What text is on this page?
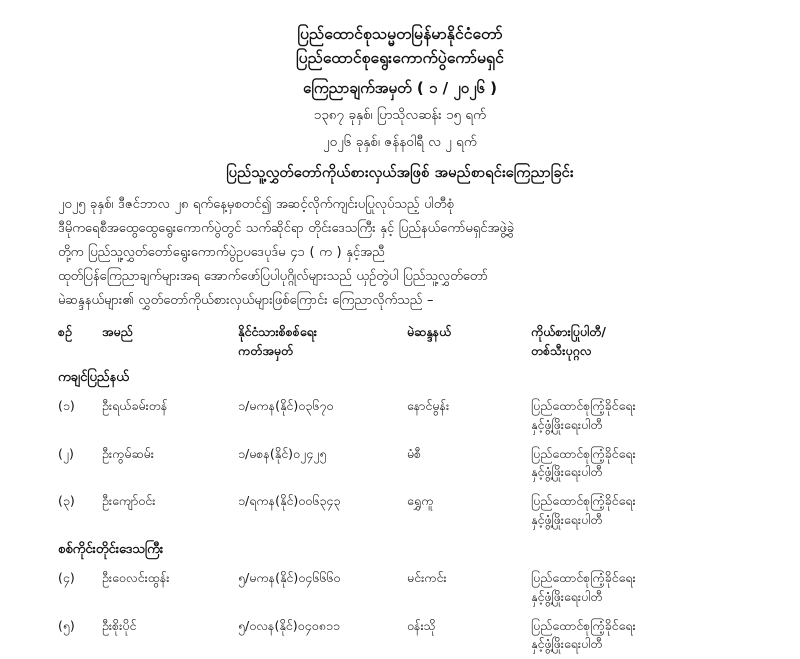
ပြည်ထောင်စုသမ္မတမြန်မာနိုင်ငံတော်
ပြည်ထောင်စုရွေးကောက်ပွဲကော်မရှင်
ကြေညာချက်အမှတ် ( ၁ / ၂၀၂၆ )
၁၃၈၇ ခုနှစ်၊ ပြာသိုလဆန်း ၁၅ ရက်
၂၀၂၆ ခုနှစ်၊ ဇန်နဝါရီ လ ၂ ရက်
ပြည်သူ့လွှတ်တော်ကိုယ်စားလှယ်အဖြစ် အမည်စာရင်းကြေညာခြင်း
၂၀၂၅ ခုနှစ်၊ ဒီဇင်ဘာလ ၂၈ ရက်နေ့မှစတင်၍ အဆင့်လိုက်ကျင်းပပြုလုပ်သည့် ပါတီစုံ
ဒီမိုကရေစီအထွေထွေရွေးကောက်ပွဲတွင် သက်ဆိုင်ရာ တိုင်းဒေသကြီး နှင့် ပြည်နယ်ကော်မရှင်အဖွဲ့ခွဲ
တို့က ပြည်သူ့လွှတ်တော်ရွေးကောက်ပွဲဥပဒေပုဒ်မ ၄၁ ( က ) နှင့်အညီ
ထုတ်ပြန်ကြေညာချက်များအရ အောက်ဖော်ပြပါပုဂ္ဂိုလ်များသည် ယှဉ်တွဲပါ ပြည်သူ့လွှတ်တော်
မဲဆန္ဒနယ်များ၏ လွှတ်တော်ကိုယ်စားလှယ်များဖြစ်ကြောင်း ကြေညာလိုက်သည် –
စဉ်	အမည်	နိုင်ငံသားစိစစ်ရေး
ကတ်အမှတ်	မဲဆန္ဒနယ်	ကိုယ်စားပြုပါတီ/
တစ်သီးပုဂ္ဂလ
ကချင်ပြည်နယ်				
(၁)	ဦးရယ်ခမ်းတန်	၁/မကန(နိုင်)၀၃၆၇၀	နောင်မွန်း	ပြည်ထောင်စုကြံ့ခိုင်ရေး
နှင့်ဖွံ့ဖြိုးရေးပါတီ

(၂)	ဦးကွမ်ဆမ်း	၁/မစန(နိုင်)၀၂၄၂၅	မံစီ	ပြည်ထောင်စုကြံ့ခိုင်ရေး
နှင့်ဖွံ့ဖြိုးရေးပါတီ

(၃)	ဦးကျော်ဝင်း	၁/ရကန(နိုင်)၀၀၆၃၄၃	ရွှေကူ	ပြည်ထောင်စုကြံ့ခိုင်ရေး
နှင့်ဖွံ့ဖြိုးရေးပါတီ

စစ်ကိုင်းတိုင်းဒေသကြီး				
(၄)	ဦးဝေလင်းထွန်း	၅/မကန(နိုင်)၀၄၆၆၆၀	မင်းကင်း	ပြည်ထောင်စုကြံ့ခိုင်ရေး
နှင့်ဖွံ့ဖြိုးရေးပါတီ

(၅)	ဦးစိုးပိုင်	၅/ဝလန(နိုင်)၀၄၀၈၁၁	ဝန်းသို	ပြည်ထောင်စုကြံ့ခိုင်ရေး
နှင့်ဖွံ့ဖြိုးရေးပါတီ
